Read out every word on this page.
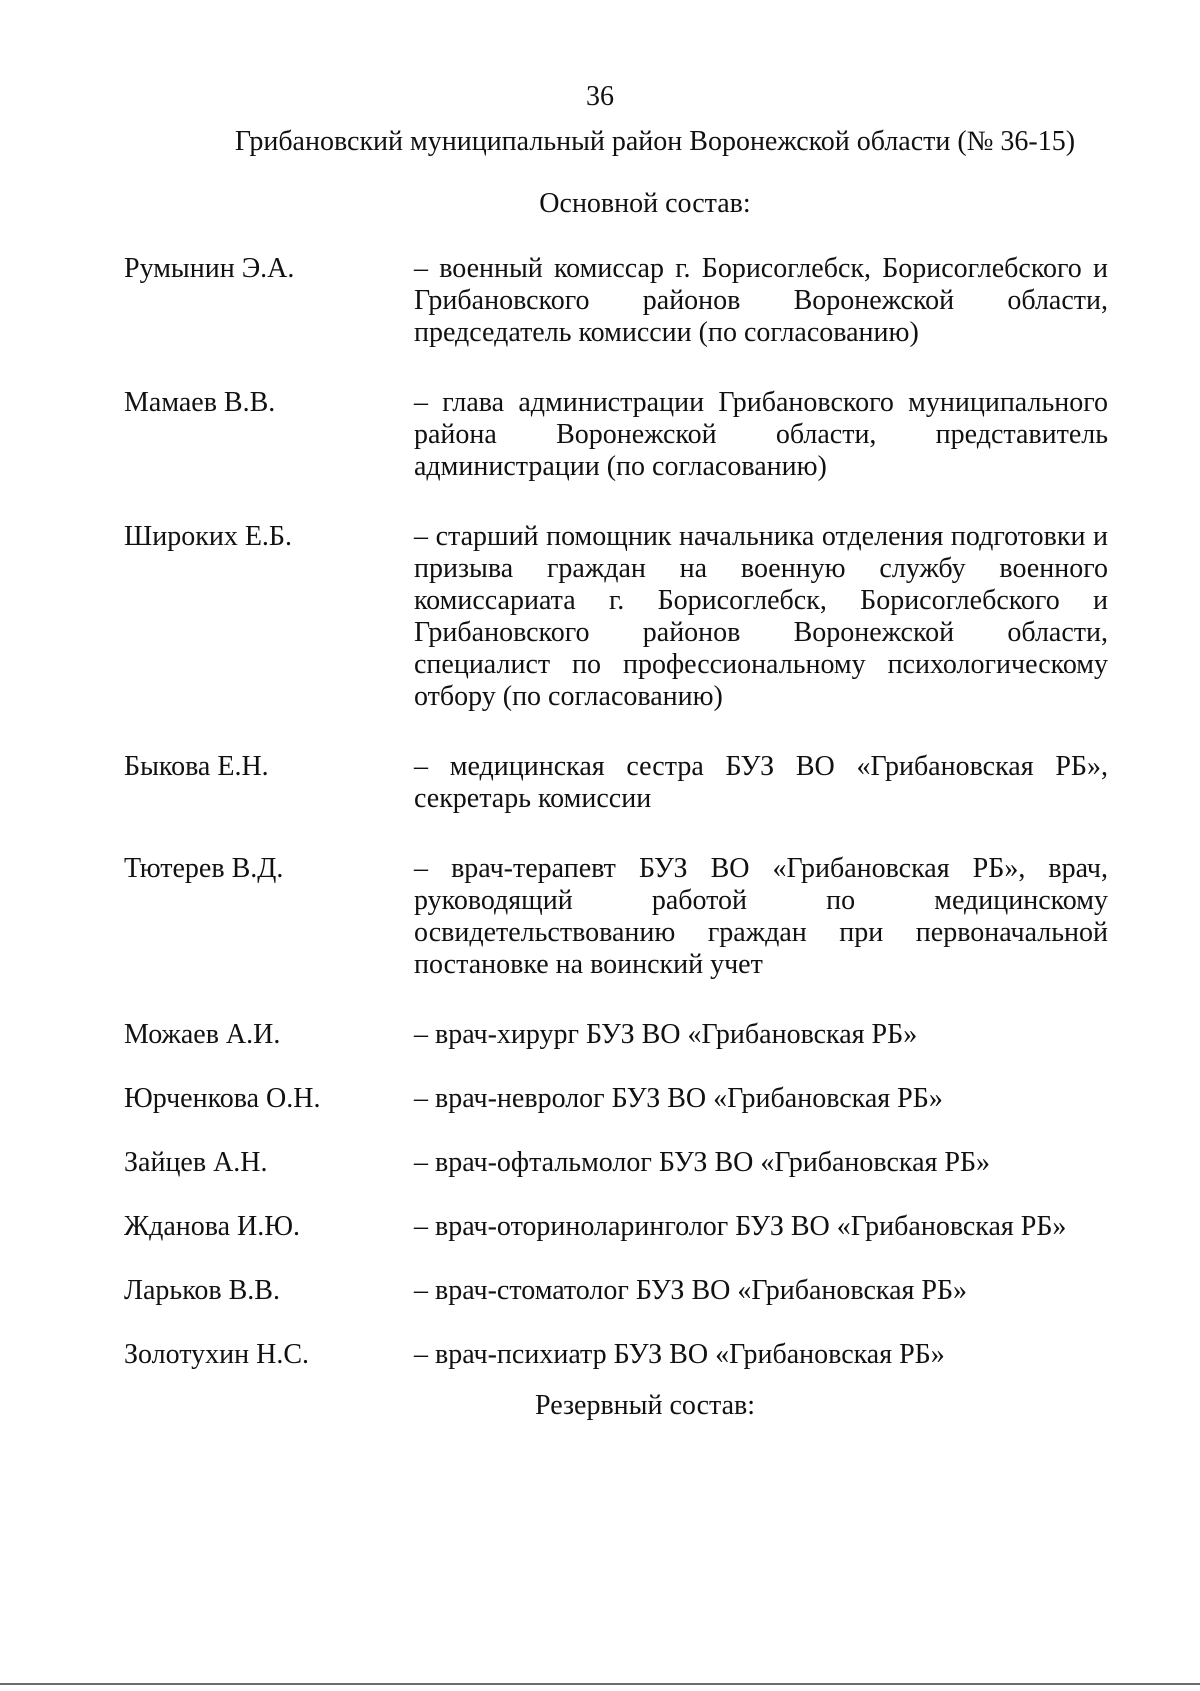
36
Грибановский муниципальный район Воронежской области (№ 36-15)
Основной состав:
Румынин Э.А.	– военный комиссар г. Борисоглебск, Борисоглебского и Грибановского районов Воронежской области, председатель комиссии (по согласованию)
Мамаев В.В.	– глава администрации Грибановского муниципального района Воронежской области, представитель администрации (по согласованию)
Широких Е.Б.	– старший помощник начальника отделения подготовки и призыва граждан на военную службу военного комиссариата г. Борисоглебск, Борисоглебского и Грибановского районов Воронежской области, специалист по профессиональному психологическому отбору (по согласованию)
Быкова Е.Н.	– медицинская сестра БУЗ ВО «Грибановская РБ», секретарь комиссии
Тютерев В.Д.	– врач-терапевт БУЗ ВО «Грибановская РБ», врач, руководящий работой по медицинскому освидетельствованию граждан при первоначальной постановке на воинский учет
Можаев А.И.	– врач-хирург БУЗ ВО «Грибановская РБ»
Юрченкова О.Н.	– врач-невролог БУЗ ВО «Грибановская РБ»
Зайцев А.Н.	– врач-офтальмолог БУЗ ВО «Грибановская РБ»
Жданова И.Ю.	– врач-оториноларинголог БУЗ ВО «Грибановская РБ»
Ларьков В.В.	– врач-стоматолог БУЗ ВО «Грибановская РБ»
Золотухин Н.С.	– врач-психиатр БУЗ ВО «Грибановская РБ»
Резервный состав:
